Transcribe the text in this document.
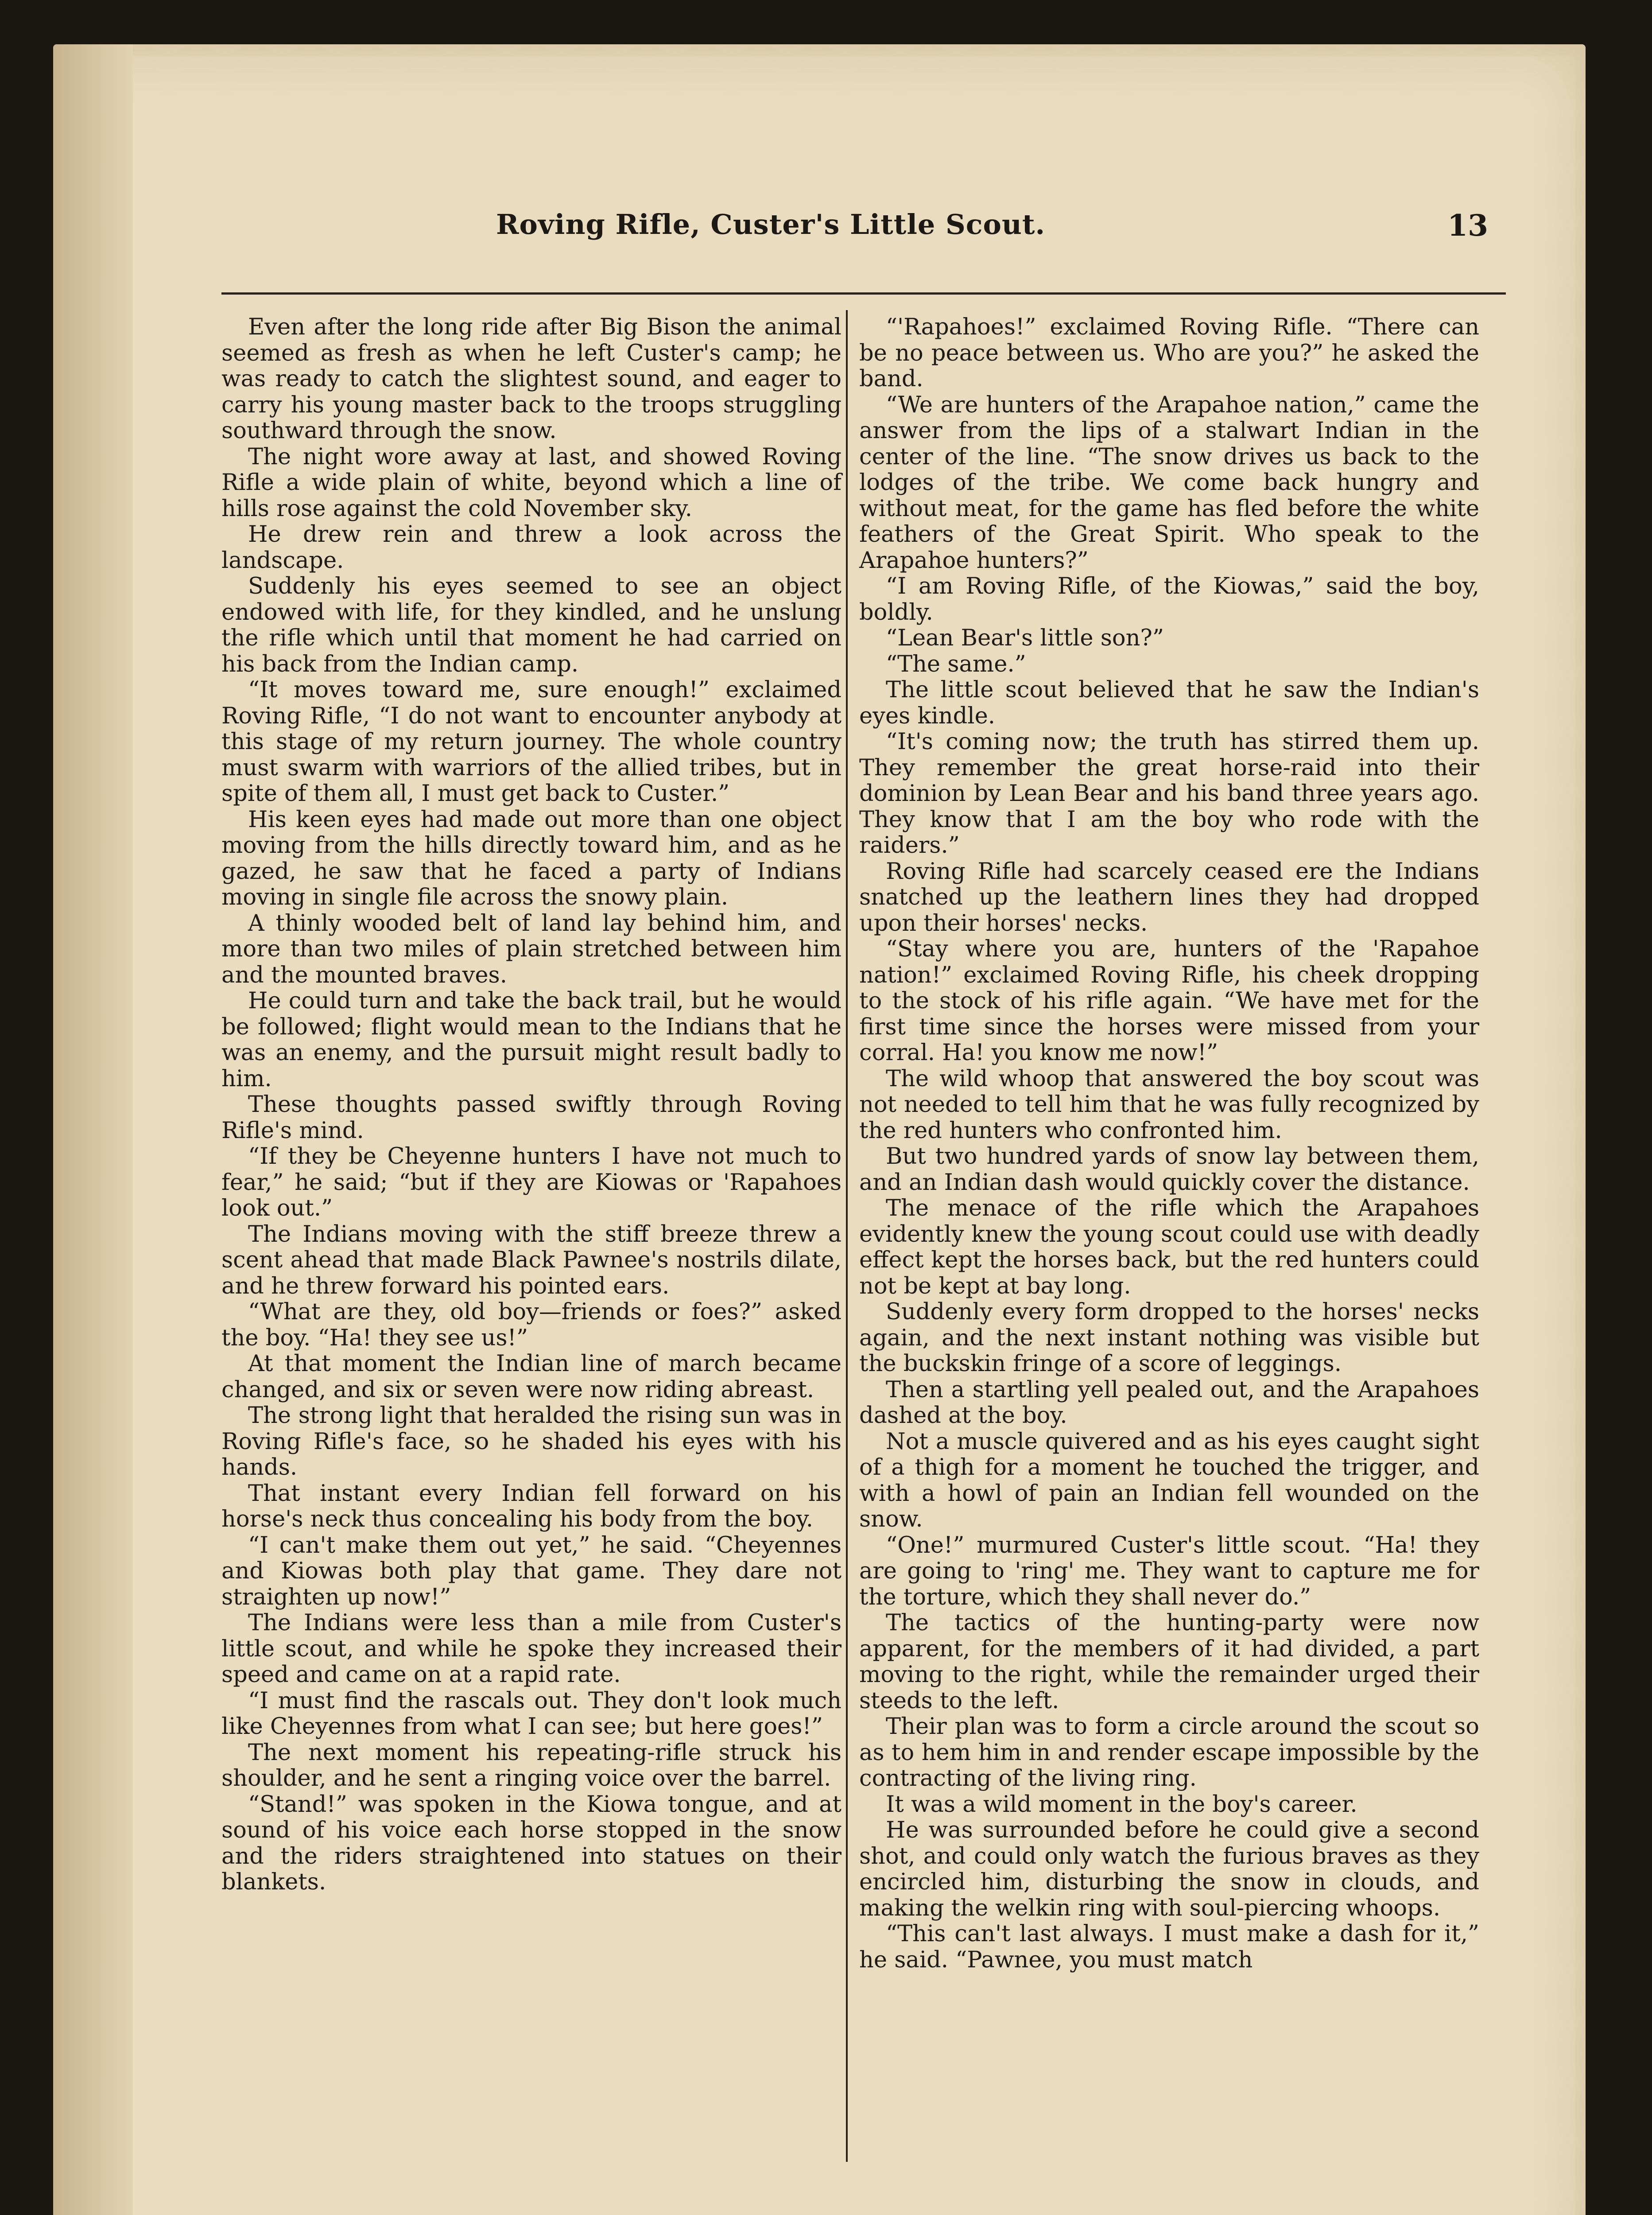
Roving Rifle, Custer's Little Scout.	13

Even after the long ride after Big Bison the animal seemed as fresh as when he left Custer's camp; he was ready to catch the slightest sound, and eager to carry his young master back to the troops struggling southward through the snow.

The night wore away at last, and showed Roving Rifle a wide plain of white, beyond which a line of hills rose against the cold November sky.

He drew rein and threw a look across the landscape.

Suddenly his eyes seemed to see an object endowed with life, for they kindled, and he unslung the rifle which until that moment he had carried on his back from the Indian camp.

“It moves toward me, sure enough!” exclaimed Roving Rifle, “I do not want to encounter anybody at this stage of my return journey. The whole country must swarm with warriors of the allied tribes, but in spite of them all, I must get back to Custer.”

His keen eyes had made out more than one object moving from the hills directly toward him, and as he gazed, he saw that he faced a party of Indians moving in single file across the snowy plain.

A thinly wooded belt of land lay behind him, and more than two miles of plain stretched between him and the mounted braves.

He could turn and take the back trail, but he would be followed; flight would mean to the Indians that he was an enemy, and the pursuit might result badly to him.

These thoughts passed swiftly through Roving Rifle's mind.

“If they be Cheyenne hunters I have not much to fear,” he said; “but if they are Kiowas or 'Rapahoes look out.”

The Indians moving with the stiff breeze threw a scent ahead that made Black Pawnee's nostrils dilate, and he threw forward his pointed ears.

“What are they, old boy—friends or foes?” asked the boy. “Ha! they see us!”

At that moment the Indian line of march became changed, and six or seven were now riding abreast.

The strong light that heralded the rising sun was in Roving Rifle's face, so he shaded his eyes with his hands.

That instant every Indian fell forward on his horse's neck thus concealing his body from the boy.

“I can't make them out yet,” he said. “Cheyennes and Kiowas both play that game. They dare not straighten up now!”

The Indians were less than a mile from Custer's little scout, and while he spoke they increased their speed and came on at a rapid rate.

“I must find the rascals out. They don't look much like Cheyennes from what I can see; but here goes!”

The next moment his repeating-rifle struck his shoulder, and he sent a ringing voice over the barrel.

“Stand!” was spoken in the Kiowa tongue, and at sound of his voice each horse stopped in the snow and the riders straightened into statues on their blankets.

“'Rapahoes!” exclaimed Roving Rifle. “There can be no peace between us. Who are you?” he asked the band.

“We are hunters of the Arapahoe nation,” came the answer from the lips of a stalwart Indian in the center of the line. “The snow drives us back to the lodges of the tribe. We come back hungry and without meat, for the game has fled before the white feathers of the Great Spirit. Who speak to the Arapahoe hunters?”

“I am Roving Rifle, of the Kiowas,” said the boy, boldly.

“Lean Bear's little son?”

“The same.”

The little scout believed that he saw the Indian's eyes kindle.

“It's coming now; the truth has stirred them up. They remember the great horse-raid into their dominion by Lean Bear and his band three years ago. They know that I am the boy who rode with the raiders.”

Roving Rifle had scarcely ceased ere the Indians snatched up the leathern lines they had dropped upon their horses' necks.

“Stay where you are, hunters of the 'Rapahoe nation!” exclaimed Roving Rifle, his cheek dropping to the stock of his rifle again. “We have met for the first time since the horses were missed from your corral. Ha! you know me now!”

The wild whoop that answered the boy scout was not needed to tell him that he was fully recognized by the red hunters who confronted him.

But two hundred yards of snow lay between them, and an Indian dash would quickly cover the distance.

The menace of the rifle which the Arapahoes evidently knew the young scout could use with deadly effect kept the horses back, but the red hunters could not be kept at bay long.

Suddenly every form dropped to the horses' necks again, and the next instant nothing was visible but the buckskin fringe of a score of leggings.

Then a startling yell pealed out, and the Arapahoes dashed at the boy.

Not a muscle quivered and as his eyes caught sight of a thigh for a moment he touched the trigger, and with a howl of pain an Indian fell wounded on the snow.

“One!” murmured Custer's little scout. “Ha! they are going to 'ring' me. They want to capture me for the torture, which they shall never do.”

The tactics of the hunting-party were now apparent, for the members of it had divided, a part moving to the right, while the remainder urged their steeds to the left.

Their plan was to form a circle around the scout so as to hem him in and render escape impossible by the contracting of the living ring.

It was a wild moment in the boy's career.

He was surrounded before he could give a second shot, and could only watch the furious braves as they encircled him, disturbing the snow in clouds, and making the welkin ring with soul-piercing whoops.

“This can't last always. I must make a dash for it,” he said. “Pawnee, you must match
